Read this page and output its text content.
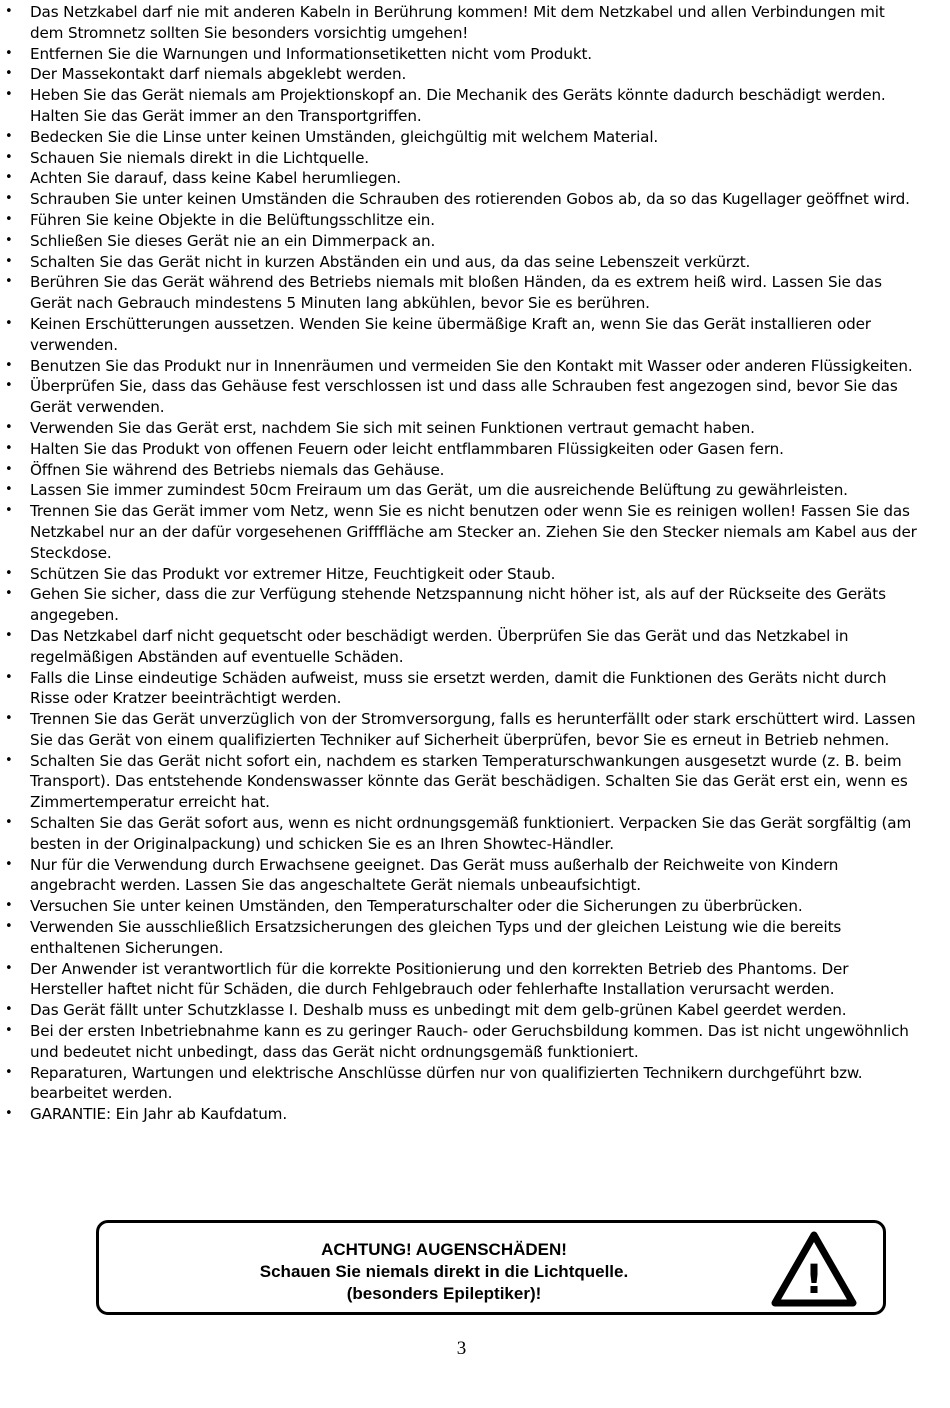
• Das Netzkabel darf nie mit anderen Kabeln in Berührung kommen! Mit dem Netzkabel und allen Verbindungen mit dem Stromnetz sollten Sie besonders vorsichtig umgehen!
• Entfernen Sie die Warnungen und Informationsetiketten nicht vom Produkt.
• Der Massekontakt darf niemals abgeklebt werden.
• Heben Sie das Gerät niemals am Projektionskopf an. Die Mechanik des Geräts könnte dadurch beschädigt werden. Halten Sie das Gerät immer an den Transportgriffen.
• Bedecken Sie die Linse unter keinen Umständen, gleichgültig mit welchem Material.
• Schauen Sie niemals direkt in die Lichtquelle.
• Achten Sie darauf, dass keine Kabel herumliegen.
• Schrauben Sie unter keinen Umständen die Schrauben des rotierenden Gobos ab, da so das Kugellager geöffnet wird.
• Führen Sie keine Objekte in die Belüftungsschlitze ein.
• Schließen Sie dieses Gerät nie an ein Dimmerpack an.
• Schalten Sie das Gerät nicht in kurzen Abständen ein und aus, da das seine Lebenszeit verkürzt.
• Berühren Sie das Gerät während des Betriebs niemals mit bloßen Händen, da es extrem heiß wird. Lassen Sie das Gerät nach Gebrauch mindestens 5 Minuten lang abkühlen, bevor Sie es berühren.
• Keinen Erschütterungen aussetzen. Wenden Sie keine übermäßige Kraft an, wenn Sie das Gerät installieren oder verwenden.
• Benutzen Sie das Produkt nur in Innenräumen und vermeiden Sie den Kontakt mit Wasser oder anderen Flüssigkeiten.
• Überprüfen Sie, dass das Gehäuse fest verschlossen ist und dass alle Schrauben fest angezogen sind, bevor Sie das Gerät verwenden.
• Verwenden Sie das Gerät erst, nachdem Sie sich mit seinen Funktionen vertraut gemacht haben.
• Halten Sie das Produkt von offenen Feuern oder leicht entflammbaren Flüssigkeiten oder Gasen fern.
• Öffnen Sie während des Betriebs niemals das Gehäuse.
• Lassen Sie immer zumindest 50cm Freiraum um das Gerät, um die ausreichende Belüftung zu gewährleisten.
• Trennen Sie das Gerät immer vom Netz, wenn Sie es nicht benutzen oder wenn Sie es reinigen wollen! Fassen Sie das Netzkabel nur an der dafür vorgesehenen Grifffläche am Stecker an. Ziehen Sie den Stecker niemals am Kabel aus der Steckdose.
• Schützen Sie das Produkt vor extremer Hitze, Feuchtigkeit oder Staub.
• Gehen Sie sicher, dass die zur Verfügung stehende Netzspannung nicht höher ist, als auf der Rückseite des Geräts angegeben.
• Das Netzkabel darf nicht gequetscht oder beschädigt werden. Überprüfen Sie das Gerät und das Netzkabel in regelmäßigen Abständen auf eventuelle Schäden.
• Falls die Linse eindeutige Schäden aufweist, muss sie ersetzt werden, damit die Funktionen des Geräts nicht durch Risse oder Kratzer beeinträchtigt werden.
• Trennen Sie das Gerät unverzüglich von der Stromversorgung, falls es herunterfällt oder stark erschüttert wird. Lassen Sie das Gerät von einem qualifizierten Techniker auf Sicherheit überprüfen, bevor Sie es erneut in Betrieb nehmen.
• Schalten Sie das Gerät nicht sofort ein, nachdem es starken Temperaturschwankungen ausgesetzt wurde (z. B. beim Transport). Das entstehende Kondenswasser könnte das Gerät beschädigen. Schalten Sie das Gerät erst ein, wenn es Zimmertemperatur erreicht hat.
• Schalten Sie das Gerät sofort aus, wenn es nicht ordnungsgemäß funktioniert. Verpacken Sie das Gerät sorgfältig (am besten in der Originalpackung) und schicken Sie es an Ihren Showtec-Händler.
• Nur für die Verwendung durch Erwachsene geeignet. Das Gerät muss außerhalb der Reichweite von Kindern angebracht werden. Lassen Sie das angeschaltete Gerät niemals unbeaufsichtigt.
• Versuchen Sie unter keinen Umständen, den Temperaturschalter oder die Sicherungen zu überbrücken.
• Verwenden Sie ausschließlich Ersatzsicherungen des gleichen Typs und der gleichen Leistung wie die bereits enthaltenen Sicherungen.
• Der Anwender ist verantwortlich für die korrekte Positionierung und den korrekten Betrieb des Phantoms. Der Hersteller haftet nicht für Schäden, die durch Fehlgebrauch oder fehlerhafte Installation verursacht werden.
• Das Gerät fällt unter Schutzklasse I. Deshalb muss es unbedingt mit dem gelb-grünen Kabel geerdet werden.
• Bei der ersten Inbetriebnahme kann es zu geringer Rauch- oder Geruchsbildung kommen. Das ist nicht ungewöhnlich und bedeutet nicht unbedingt, dass das Gerät nicht ordnungsgemäß funktioniert.
• Reparaturen, Wartungen und elektrische Anschlüsse dürfen nur von qualifizierten Technikern durchgeführt bzw. bearbeitet werden.
• GARANTIE: Ein Jahr ab Kaufdatum.
ACHTUNG! AUGENSCHÄDEN!
Schauen Sie niemals direkt in die Lichtquelle.
(besonders Epileptiker)!	!
3
